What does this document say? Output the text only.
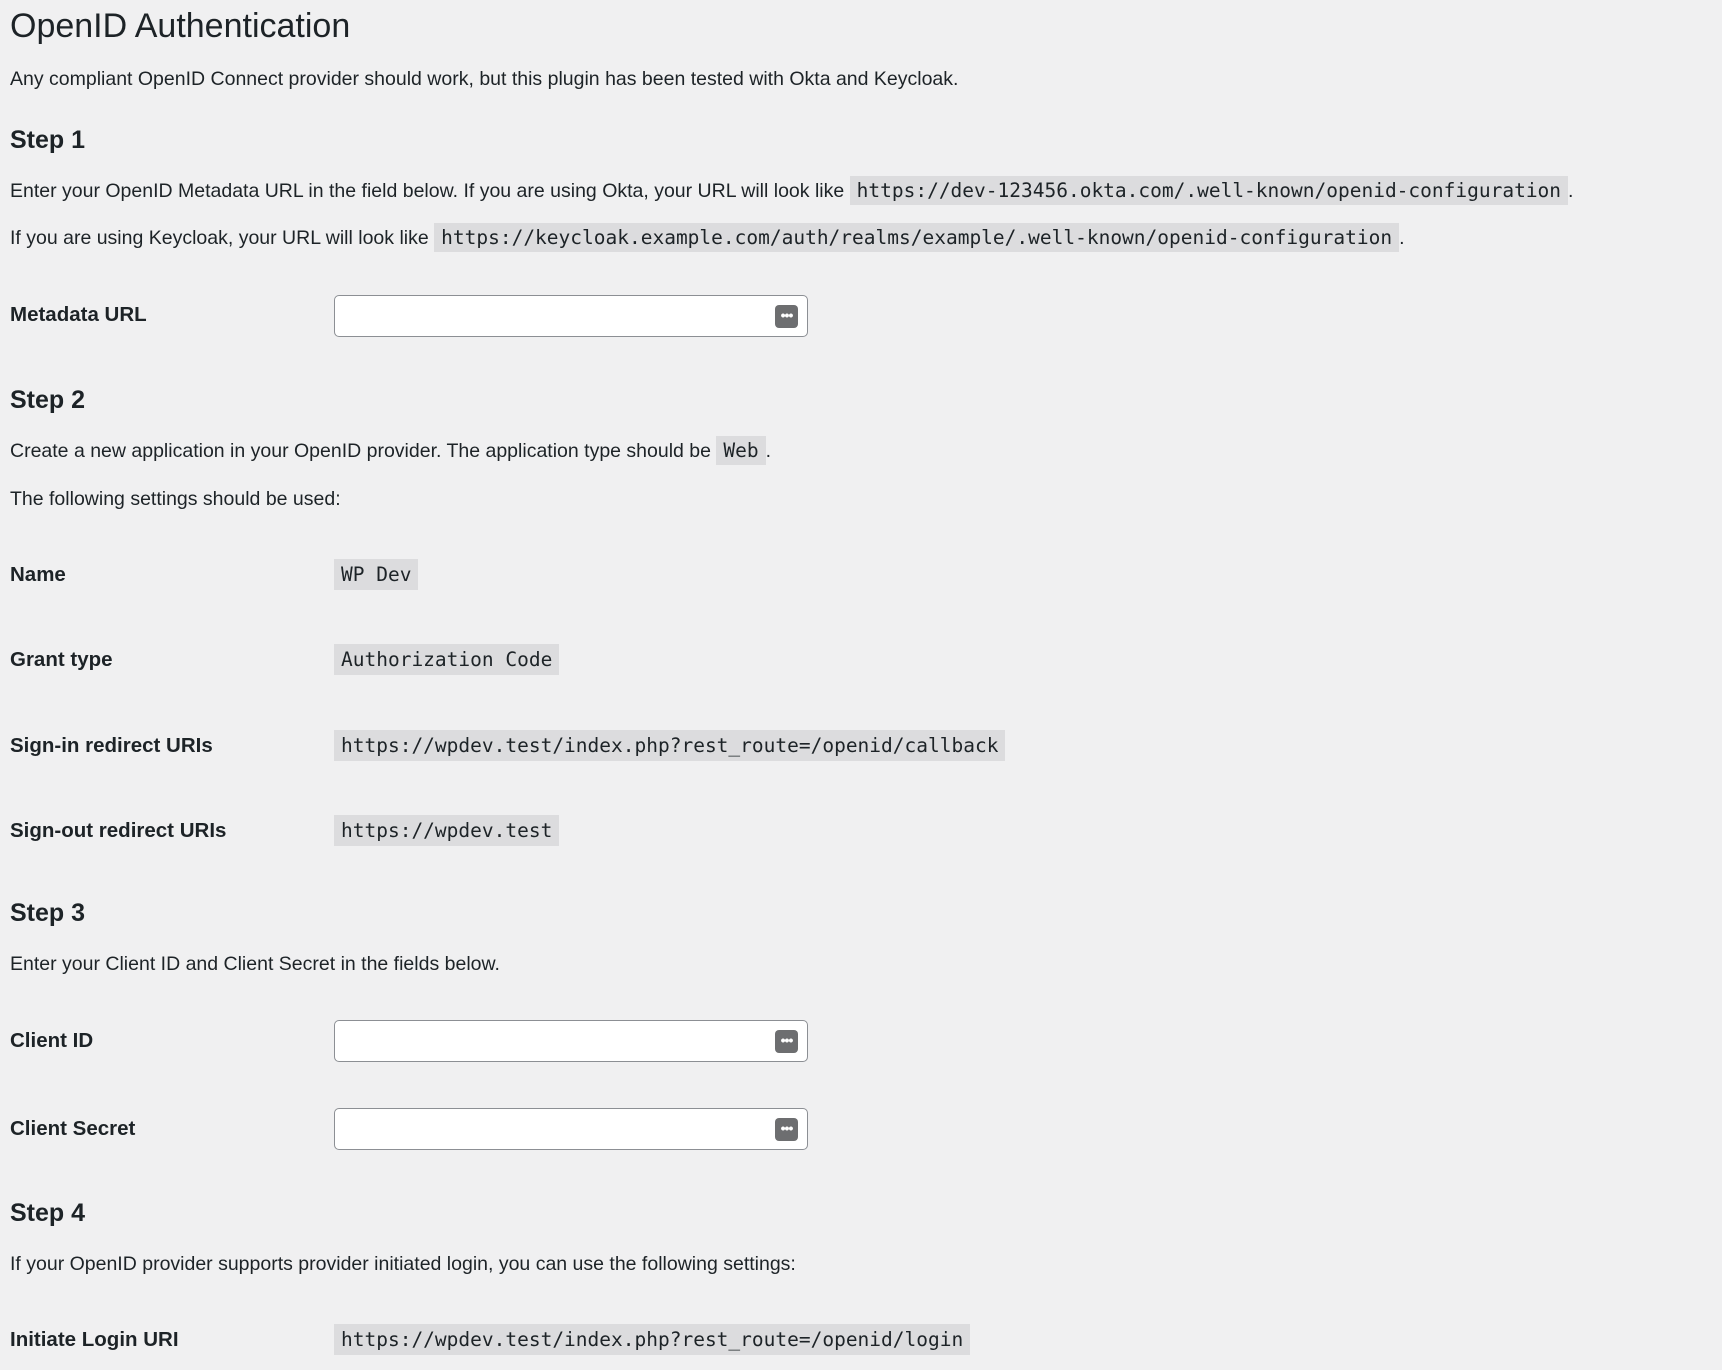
OpenID Authentication

Any compliant OpenID Connect provider should work, but this plugin has been tested with Okta and Keycloak.

Step 1

Enter your OpenID Metadata URL in the field below. If you are using Okta, your URL will look like https://dev-123456.okta.com/.well-known/openid-configuration .

If you are using Keycloak, your URL will look like https://keycloak.example.com/auth/realms/example/.well-known/openid-configuration .

Metadata URL	•••
Step 2

Create a new application in your OpenID provider. The application type should be Web .

The following settings should be used:

Name	WP Dev
Grant type	Authorization Code
Sign-in redirect URIs	https://wpdev.test/index.php?rest_route=/openid/callback
Sign-out redirect URIs	https://wpdev.test
Step 3

Enter your Client ID and Client Secret in the fields below.

Client ID	•••
Client Secret	•••
Step 4

If your OpenID provider supports provider initiated login, you can use the following settings:

Initiate Login URI	https://wpdev.test/index.php?rest_route=/openid/login
